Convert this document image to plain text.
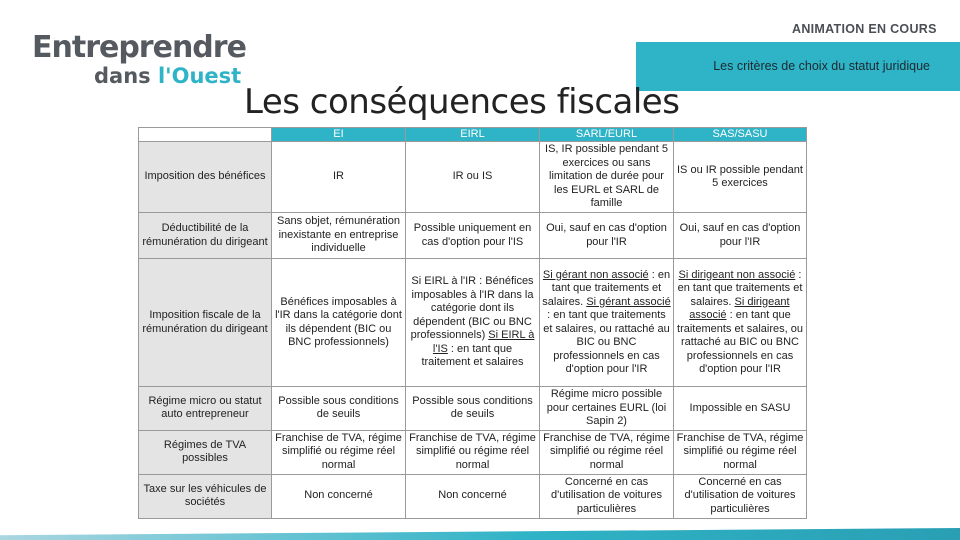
Entreprendre
dans l'Ouest
ANIMATION EN COURS
Les critères de choix du statut juridique
Les conséquences fiscales
	EI	EIRL	SARL/EURL	SAS/SASU
Imposition des bénéfices	IR	IR ou IS	IS, IR possible pendant 5 exercices ou sans limitation de durée pour les EURL et SARL de famille	IS ou IR possible pendant 5 exercices
Déductibilité de la rémunération du dirigeant	Sans objet, rémunération inexistante en entreprise individuelle	Possible uniquement en cas d'option pour l'IS	Oui, sauf en cas d'option pour l'IR	Oui, sauf en cas d'option pour l'IR
Imposition fiscale de la rémunération du dirigeant	Bénéfices imposables à l'IR dans la catégorie dont ils dépendent (BIC ou BNC professionnels)	Si EIRL à l'IR : Bénéfices imposables à l'IR dans la catégorie dont ils dépendent (BIC ou BNC professionnels) Si EIRL à l'IS : en tant que traitement et salaires	Si gérant non associé : en tant que traitements et salaires. Si gérant associé : en tant que traitements et salaires, ou rattaché au BIC ou BNC professionnels en cas d'option pour l'IR	Si dirigeant non associé : en tant que traitements et salaires. Si dirigeant associé : en tant que traitements et salaires, ou rattaché au BIC ou BNC professionnels en cas d'option pour l'IR
Régime micro ou statut auto entrepreneur	Possible sous conditions de seuils	Possible sous conditions de seuils	Régime micro possible pour certaines EURL (loi Sapin 2)	Impossible en SASU
Régimes de TVA possibles	Franchise de TVA, régime simplifié ou régime réel normal	Franchise de TVA, régime simplifié ou régime réel normal	Franchise de TVA, régime simplifié ou régime réel normal	Franchise de TVA, régime simplifié ou régime réel normal
Taxe sur les véhicules de sociétés	Non concerné	Non concerné	Concerné en cas d'utilisation de voitures particulières	Concerné en cas d'utilisation de voitures particulières
